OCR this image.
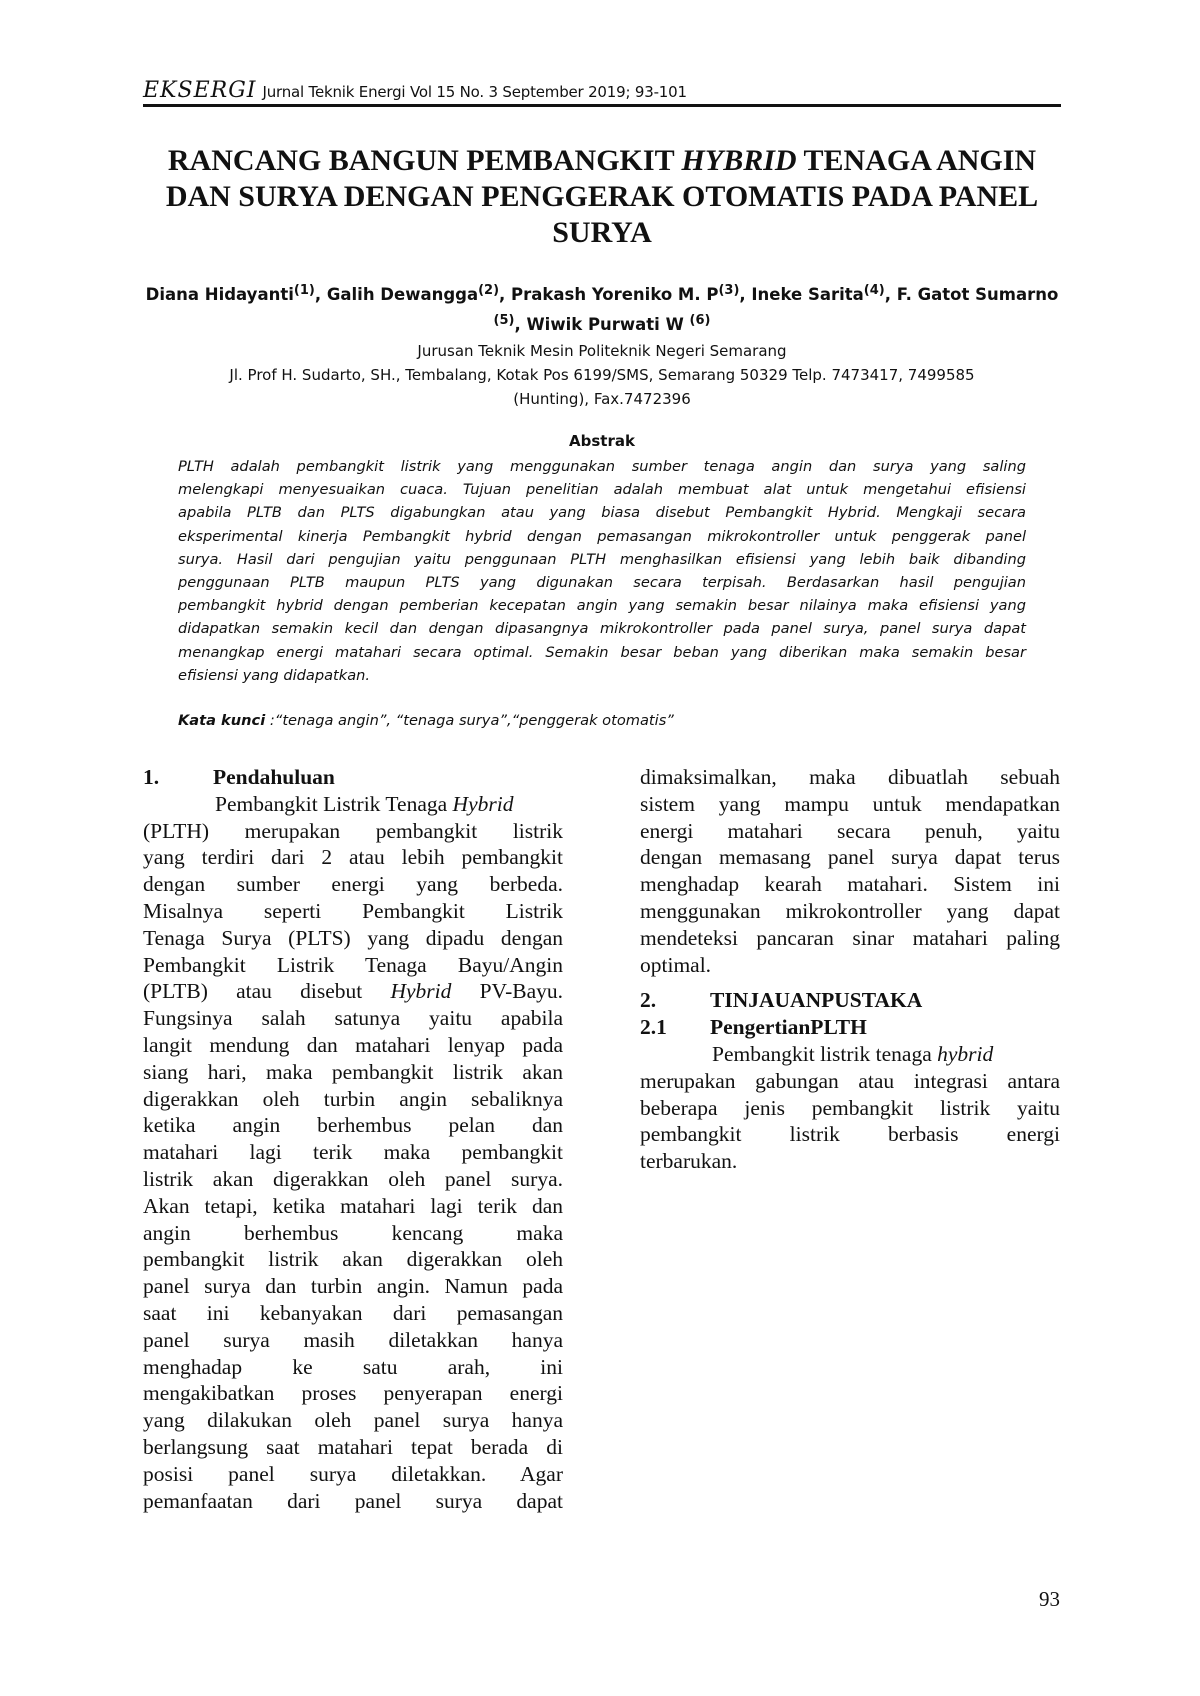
EKSERGI Jurnal Teknik Energi Vol 15 No. 3 September 2019; 93-101
RANCANG BANGUN PEMBANGKIT HYBRID TENAGA ANGIN
DAN SURYA DENGAN PENGGERAK OTOMATIS PADA PANEL
SURYA
Diana Hidayanti$^{(1)}$, Galih Dewangga$^{(2)}$, Prakash Yoreniko M. $P^{(3)}$, Ineke Sarita$^{(4)}$, F. Gatot Sumarno $^{(5)}$, Wiwik Purwati W $^{(6)}$
Jurusan Teknik Mesin Politeknik Negeri Semarang
Jl. Prof H. Sudarto, SH., Tembalang, Kotak Pos 6199/SMS, Semarang 50329 Telp. 7473417, 7499585
(Hunting), Fax.7472396
Abstrak
PLTH adalah pembangkit listrik yang menggunakan sumber tenaga angin dan surya yang saling
melengkapi menyesuaikan cuaca. Tujuan penelitian adalah membuat alat untuk mengetahui efisiensi
apabila PLTB dan PLTS digabungkan atau yang biasa disebut Pembangkit Hybrid. Mengkaji secara
eksperimental kinerja Pembangkit hybrid dengan pemasangan mikrokontroller untuk penggerak panel
surya. Hasil dari pengujian yaitu penggunaan PLTH menghasilkan efisiensi yang lebih baik dibanding
penggunaan PLTB maupun PLTS yang digunakan secara terpisah. Berdasarkan hasil pengujian
pembangkit hybrid dengan pemberian kecepatan angin yang semakin besar nilainya maka efisiensi yang
didapatkan semakin kecil dan dengan dipasangnya mikrokontroller pada panel surya, panel surya dapat
menangkap energi matahari secara optimal. Semakin besar beban yang diberikan maka semakin besar
efisiensi yang didapatkan.
Kata kunci :“tenaga angin”, “tenaga surya”,“penggerak otomatis”
1.	Pendahuluan
Pembangkit Listrik Tenaga Hybrid
(PLTH) merupakan pembangkit listrik
yang terdiri dari 2 atau lebih pembangkit
dengan sumber energi yang berbeda.
Misalnya seperti Pembangkit Listrik
Tenaga Surya (PLTS) yang dipadu dengan
Pembangkit Listrik Tenaga Bayu/Angin
(PLTB) atau disebut Hybrid PV-Bayu.
Fungsinya salah satunya yaitu apabila
langit mendung dan matahari lenyap pada
siang hari, maka pembangkit listrik akan
digerakkan oleh turbin angin sebaliknya
ketika angin berhembus pelan dan
matahari lagi terik maka pembangkit
listrik akan digerakkan oleh panel surya.
Akan tetapi, ketika matahari lagi terik dan
angin berhembus kencang maka
pembangkit listrik akan digerakkan oleh
panel surya dan turbin angin. Namun pada
saat ini kebanyakan dari pemasangan
panel surya masih diletakkan hanya
menghadap ke satu arah, ini
mengakibatkan proses penyerapan energi
yang dilakukan oleh panel surya hanya
berlangsung saat matahari tepat berada di
posisi panel surya diletakkan. Agar
pemanfaatan dari panel surya dapat
dimaksimalkan, maka dibuatlah sebuah
sistem yang mampu untuk mendapatkan
energi matahari secara penuh, yaitu
dengan memasang panel surya dapat terus
menghadap kearah matahari. Sistem ini
menggunakan mikrokontroller yang dapat
mendeteksi pancaran sinar matahari paling
optimal.
2.	TINJAUANPUSTAKA
2.1 PengertianPLTH
Pembangkit listrik tenaga hybrid
merupakan gabungan atau integrasi antara
beberapa jenis pembangkit listrik yaitu
pembangkit listrik berbasis energi
terbarukan.
93
